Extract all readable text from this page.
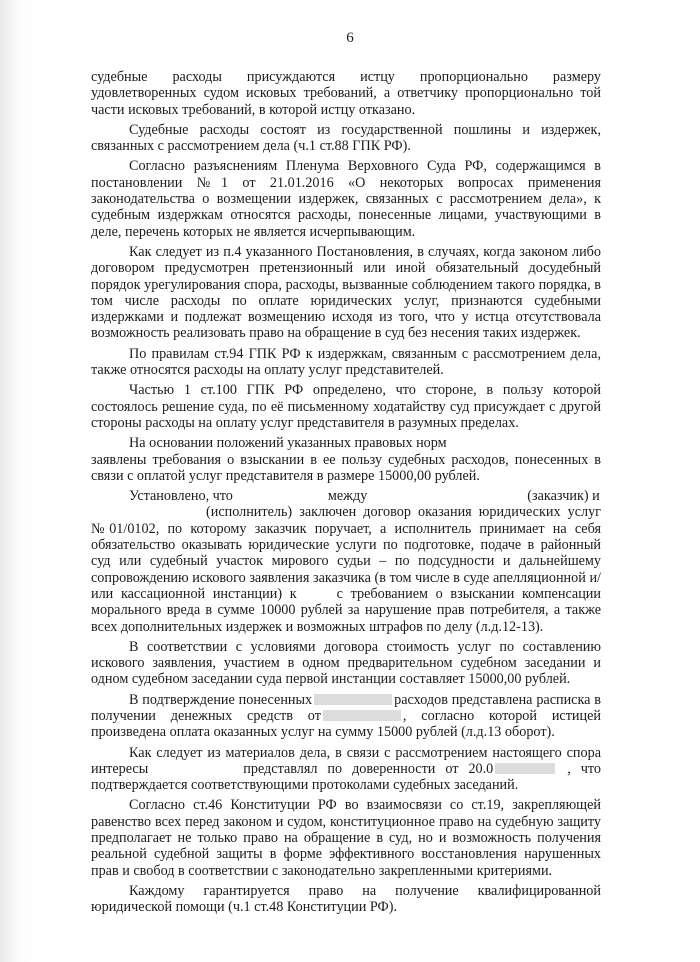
6

судебные расходы присуждаются истцу пропорционально размеру удовлетворенных судом исковых требований, а ответчику пропорционально той части исковых требований, в которой истцу отказано.

Судебные расходы состоят из государственной пошлины и издержек, связанных с рассмотрением дела (ч.1 ст.88 ГПК РФ).

Согласно разъяснениям Пленума Верховного Суда РФ, содержащимся в постановлении №1 от 21.01.2016 «О некоторых вопросах применения законодательства о возмещении издержек, связанных с рассмотрением дела», к судебным издержкам относятся расходы, понесенные лицами, участвующими в деле, перечень которых не является исчерпывающим.

Как следует из п.4 указанного Постановления, в случаях, когда законом либо договором предусмотрен претензионный или иной обязательный досудебный порядок урегулирования спора, расходы, вызванные соблюдением такого порядка, в том числе расходы по оплате юридических услуг, признаются судебными издержками и подлежат возмещению исходя из того, что у истца отсутствовала возможность реализовать право на обращение в суд без несения таких издержек.

По правилам ст.94 ГПК РФ к издержкам, связанным с рассмотрением дела, также относятся расходы на оплату услуг представителей.

Частью 1 ст.100 ГПК РФ определено, что стороне, в пользу которой состоялось решение суда, по её письменному ходатайству суд присуждает с другой стороны расходы на оплату услуг представителя в разумных пределах.

На основании положений указанных правовых норм

заявлены требования о взыскании в ее пользу судебных расходов, понесенных в связи с оплатой услуг представителя в размере 15000,00 рублей.

Установлено, что	между	(заказчик) и

(исполнитель) заключен договор оказания юридических услуг №01/0102, по которому заказчик поручает, а исполнитель принимает на себя обязательство оказывать юридические услуги по подготовке, подаче в районный суд или судебный участок мирового судьи – по подсудности и дальнейшему сопровождению искового заявления заказчика (в том числе в суде апелляционной и/или кассационной инстанции) к	с требованием о взыскании компенсации морального вреда в сумме 10000 рублей за нарушение прав потребителя, а также всех дополнительных издержек и возможных штрафов по делу (л.д.12-13).

В соответствии с условиями договора стоимость услуг по составлению искового заявления, участием в одном предварительном судебном заседании и одном судебном заседании суда первой инстанции составляет 15000,00 рублей.

В подтверждение понесенных	расходов представлена расписка в получении денежных средств от	, согласно которой истицей произведена оплата оказанных услуг на сумму 15000 рублей (л.д.13 оборот).

Как следует из материалов дела, в связи с рассмотрением настоящего спора интересы	представлял по доверенности от 20.0	, что подтверждается соответствующими протоколами судебных заседаний.

Согласно ст.46 Конституции РФ во взаимосвязи со ст.19, закрепляющей равенство всех перед законом и судом, конституционное право на судебную защиту предполагает не только право на обращение в суд, но и возможность получения реальной судебной защиты в форме эффективного восстановления нарушенных прав и свобод в соответствии с законодательно закрепленными критериями.

Каждому гарантируется право на получение квалифицированной юридической помощи (ч.1 ст.48 Конституции РФ).
